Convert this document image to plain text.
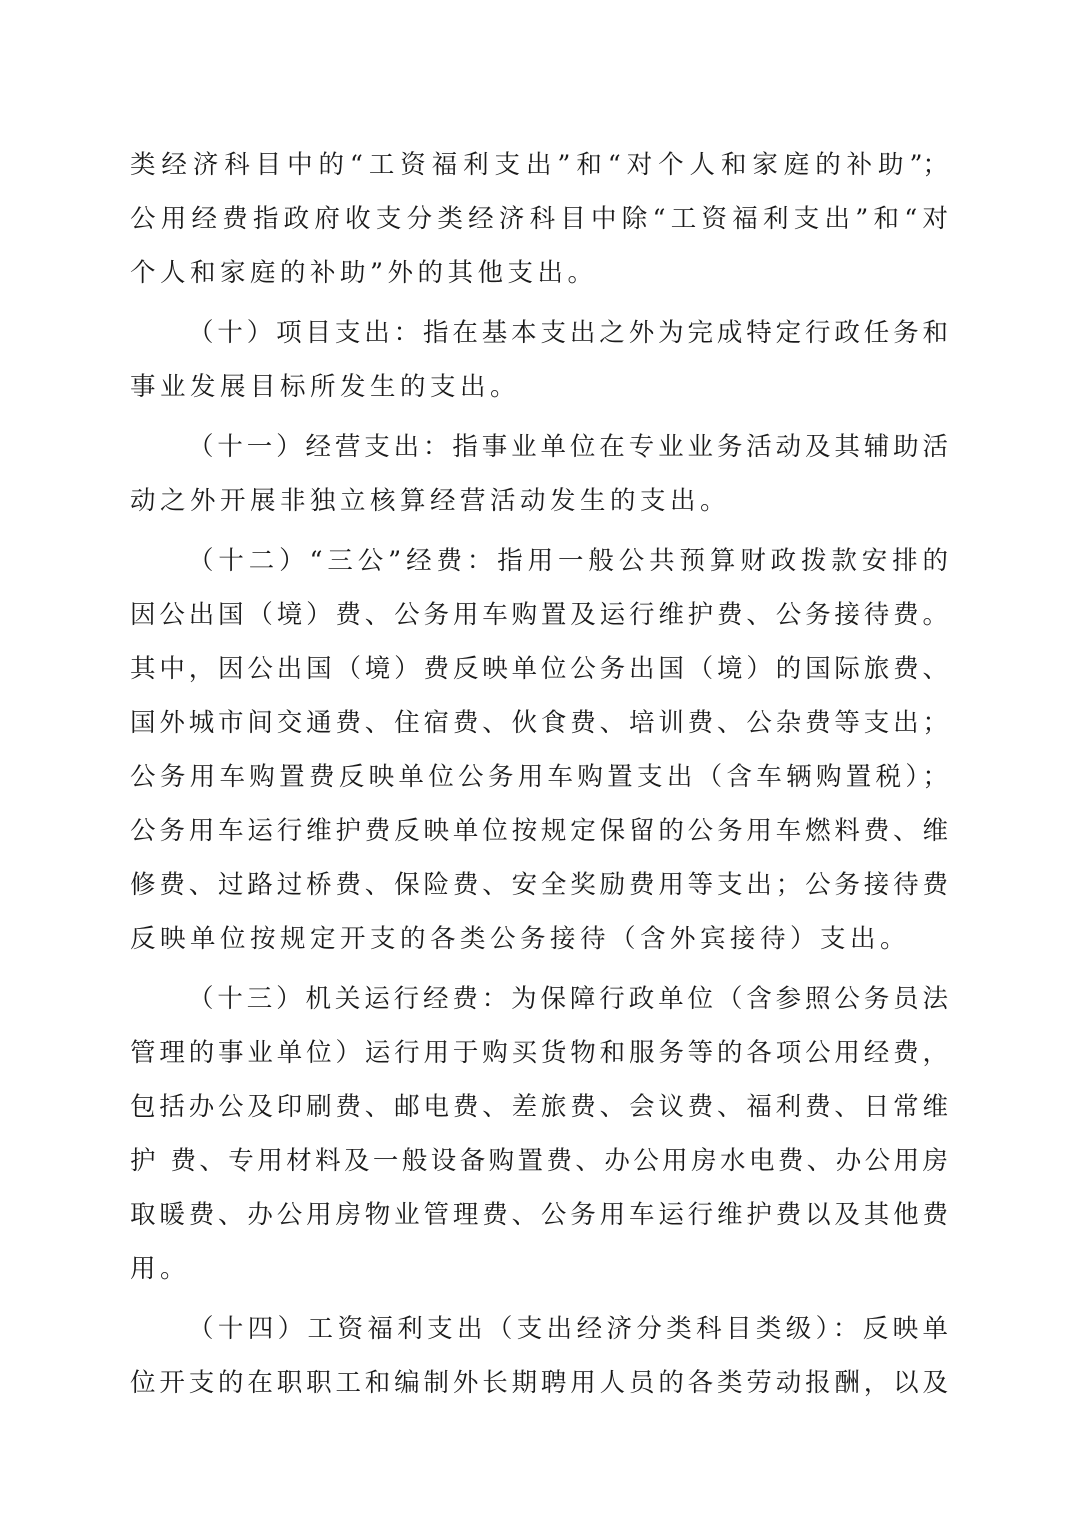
类经济科目中的“工资福利支出”和“对个人和家庭的补助”；
公用经费指政府收支分类经济科目中除“工资福利支出”和“对
个人和家庭的补助”外的其他支出。
（十）项目支出：指在基本支出之外为完成特定行政任务和
事业发展目标所发生的支出。
（十一）经营支出：指事业单位在专业业务活动及其辅助活
动之外开展非独立核算经营活动发生的支出。
（十二）“三公”经费：指用一般公共预算财政拨款安排的
因公出国（境）费、公务用车购置及运行维护费、公务接待费。
其中，因公出国（境）费反映单位公务出国（境）的国际旅费、
国外城市间交通费、住宿费、伙食费、培训费、公杂费等支出；
公务用车购置费反映单位公务用车购置支出（含车辆购置税）；
公务用车运行维护费反映单位按规定保留的公务用车燃料费、维
修费、过路过桥费、保险费、安全奖励费用等支出；公务接待费
反映单位按规定开支的各类公务接待（含外宾接待）支出。
（十三）机关运行经费：为保障行政单位（含参照公务员法
管理的事业单位）运行用于购买货物和服务等的各项公用经费，
包括办公及印刷费、邮电费、差旅费、会议费、福利费、日常维
护 费、专用材料及一般设备购置费、办公用房水电费、办公用房
取暖费、办公用房物业管理费、公务用车运行维护费以及其他费
用。
（十四）工资福利支出（支出经济分类科目类级）：反映单
位开支的在职职工和编制外长期聘用人员的各类劳动报酬，以及
